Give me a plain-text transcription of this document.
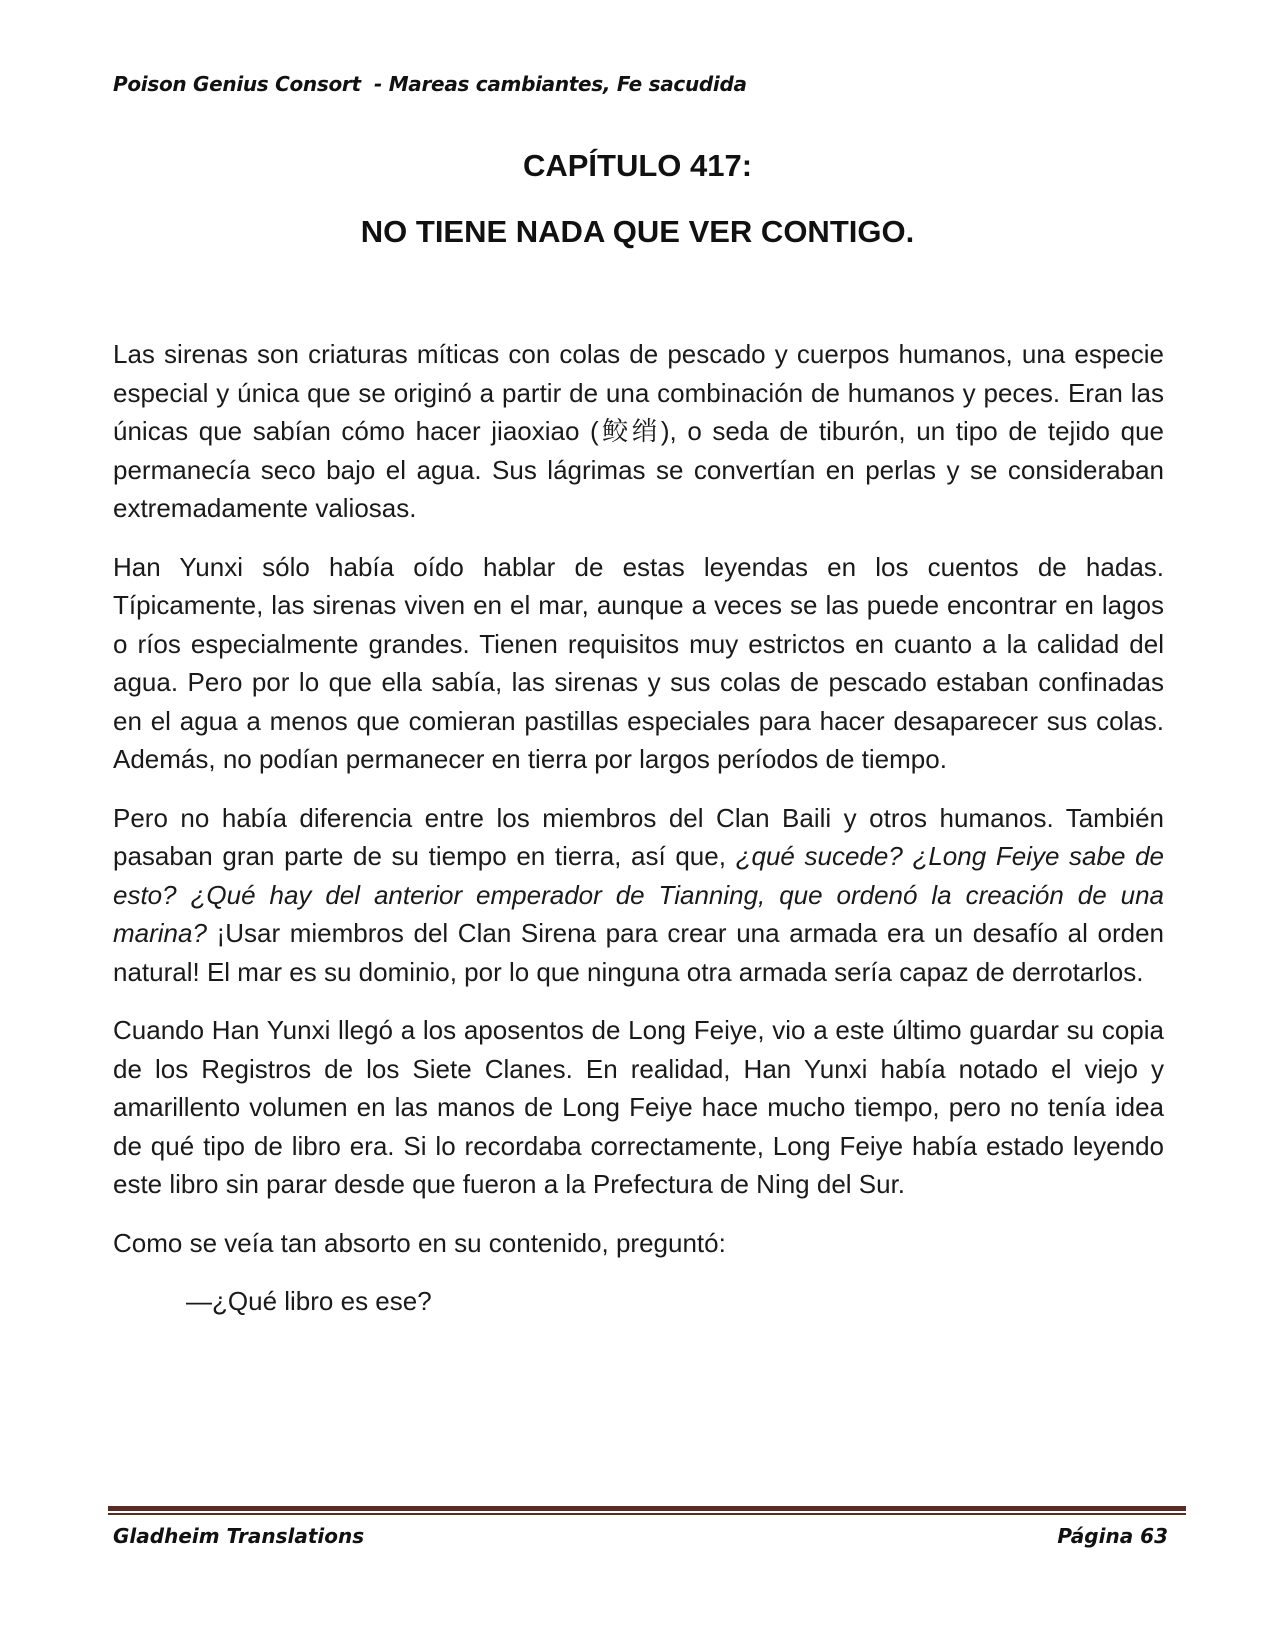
Poison Genius Consort  - Mareas cambiantes, Fe sacudida
CAPÍTULO 417:
NO TIENE NADA QUE VER CONTIGO.

Las sirenas son criaturas míticas con colas de pescado y cuerpos humanos, una especie especial y única que se originó a partir de una combinación de humanos y peces. Eran las únicas que sabían cómo hacer jiaoxiao (鲛绡), o seda de tiburón, un tipo de tejido que permanecía seco bajo el agua. Sus lágrimas se convertían en perlas y se consideraban extremadamente valiosas.

Han Yunxi sólo había oído hablar de estas leyendas en los cuentos de hadas. Típicamente, las sirenas viven en el mar, aunque a veces se las puede encontrar en lagos o ríos especialmente grandes. Tienen requisitos muy estrictos en cuanto a la calidad del agua. Pero por lo que ella sabía, las sirenas y sus colas de pescado estaban confinadas en el agua a menos que comieran pastillas especiales para hacer desaparecer sus colas. Además, no podían permanecer en tierra por largos períodos de tiempo.

Pero no había diferencia entre los miembros del Clan Baili y otros humanos. También pasaban gran parte de su tiempo en tierra, así que, ¿qué sucede? ¿Long Feiye sabe de esto? ¿Qué hay del anterior emperador de Tianning, que ordenó la creación de una marina? ¡Usar miembros del Clan Sirena para crear una armada era un desafío al orden natural! El mar es su dominio, por lo que ninguna otra armada sería capaz de derrotarlos.

Cuando Han Yunxi llegó a los aposentos de Long Feiye, vio a este último guardar su copia de los Registros de los Siete Clanes. En realidad, Han Yunxi había notado el viejo y amarillento volumen en las manos de Long Feiye hace mucho tiempo, pero no tenía idea de qué tipo de libro era. Si lo recordaba correctamente, Long Feiye había estado leyendo este libro sin parar desde que fueron a la Prefectura de Ning del Sur.

Como se veía tan absorto en su contenido, preguntó:

—¿Qué libro es ese?

Gladheim Translations	Página 63
